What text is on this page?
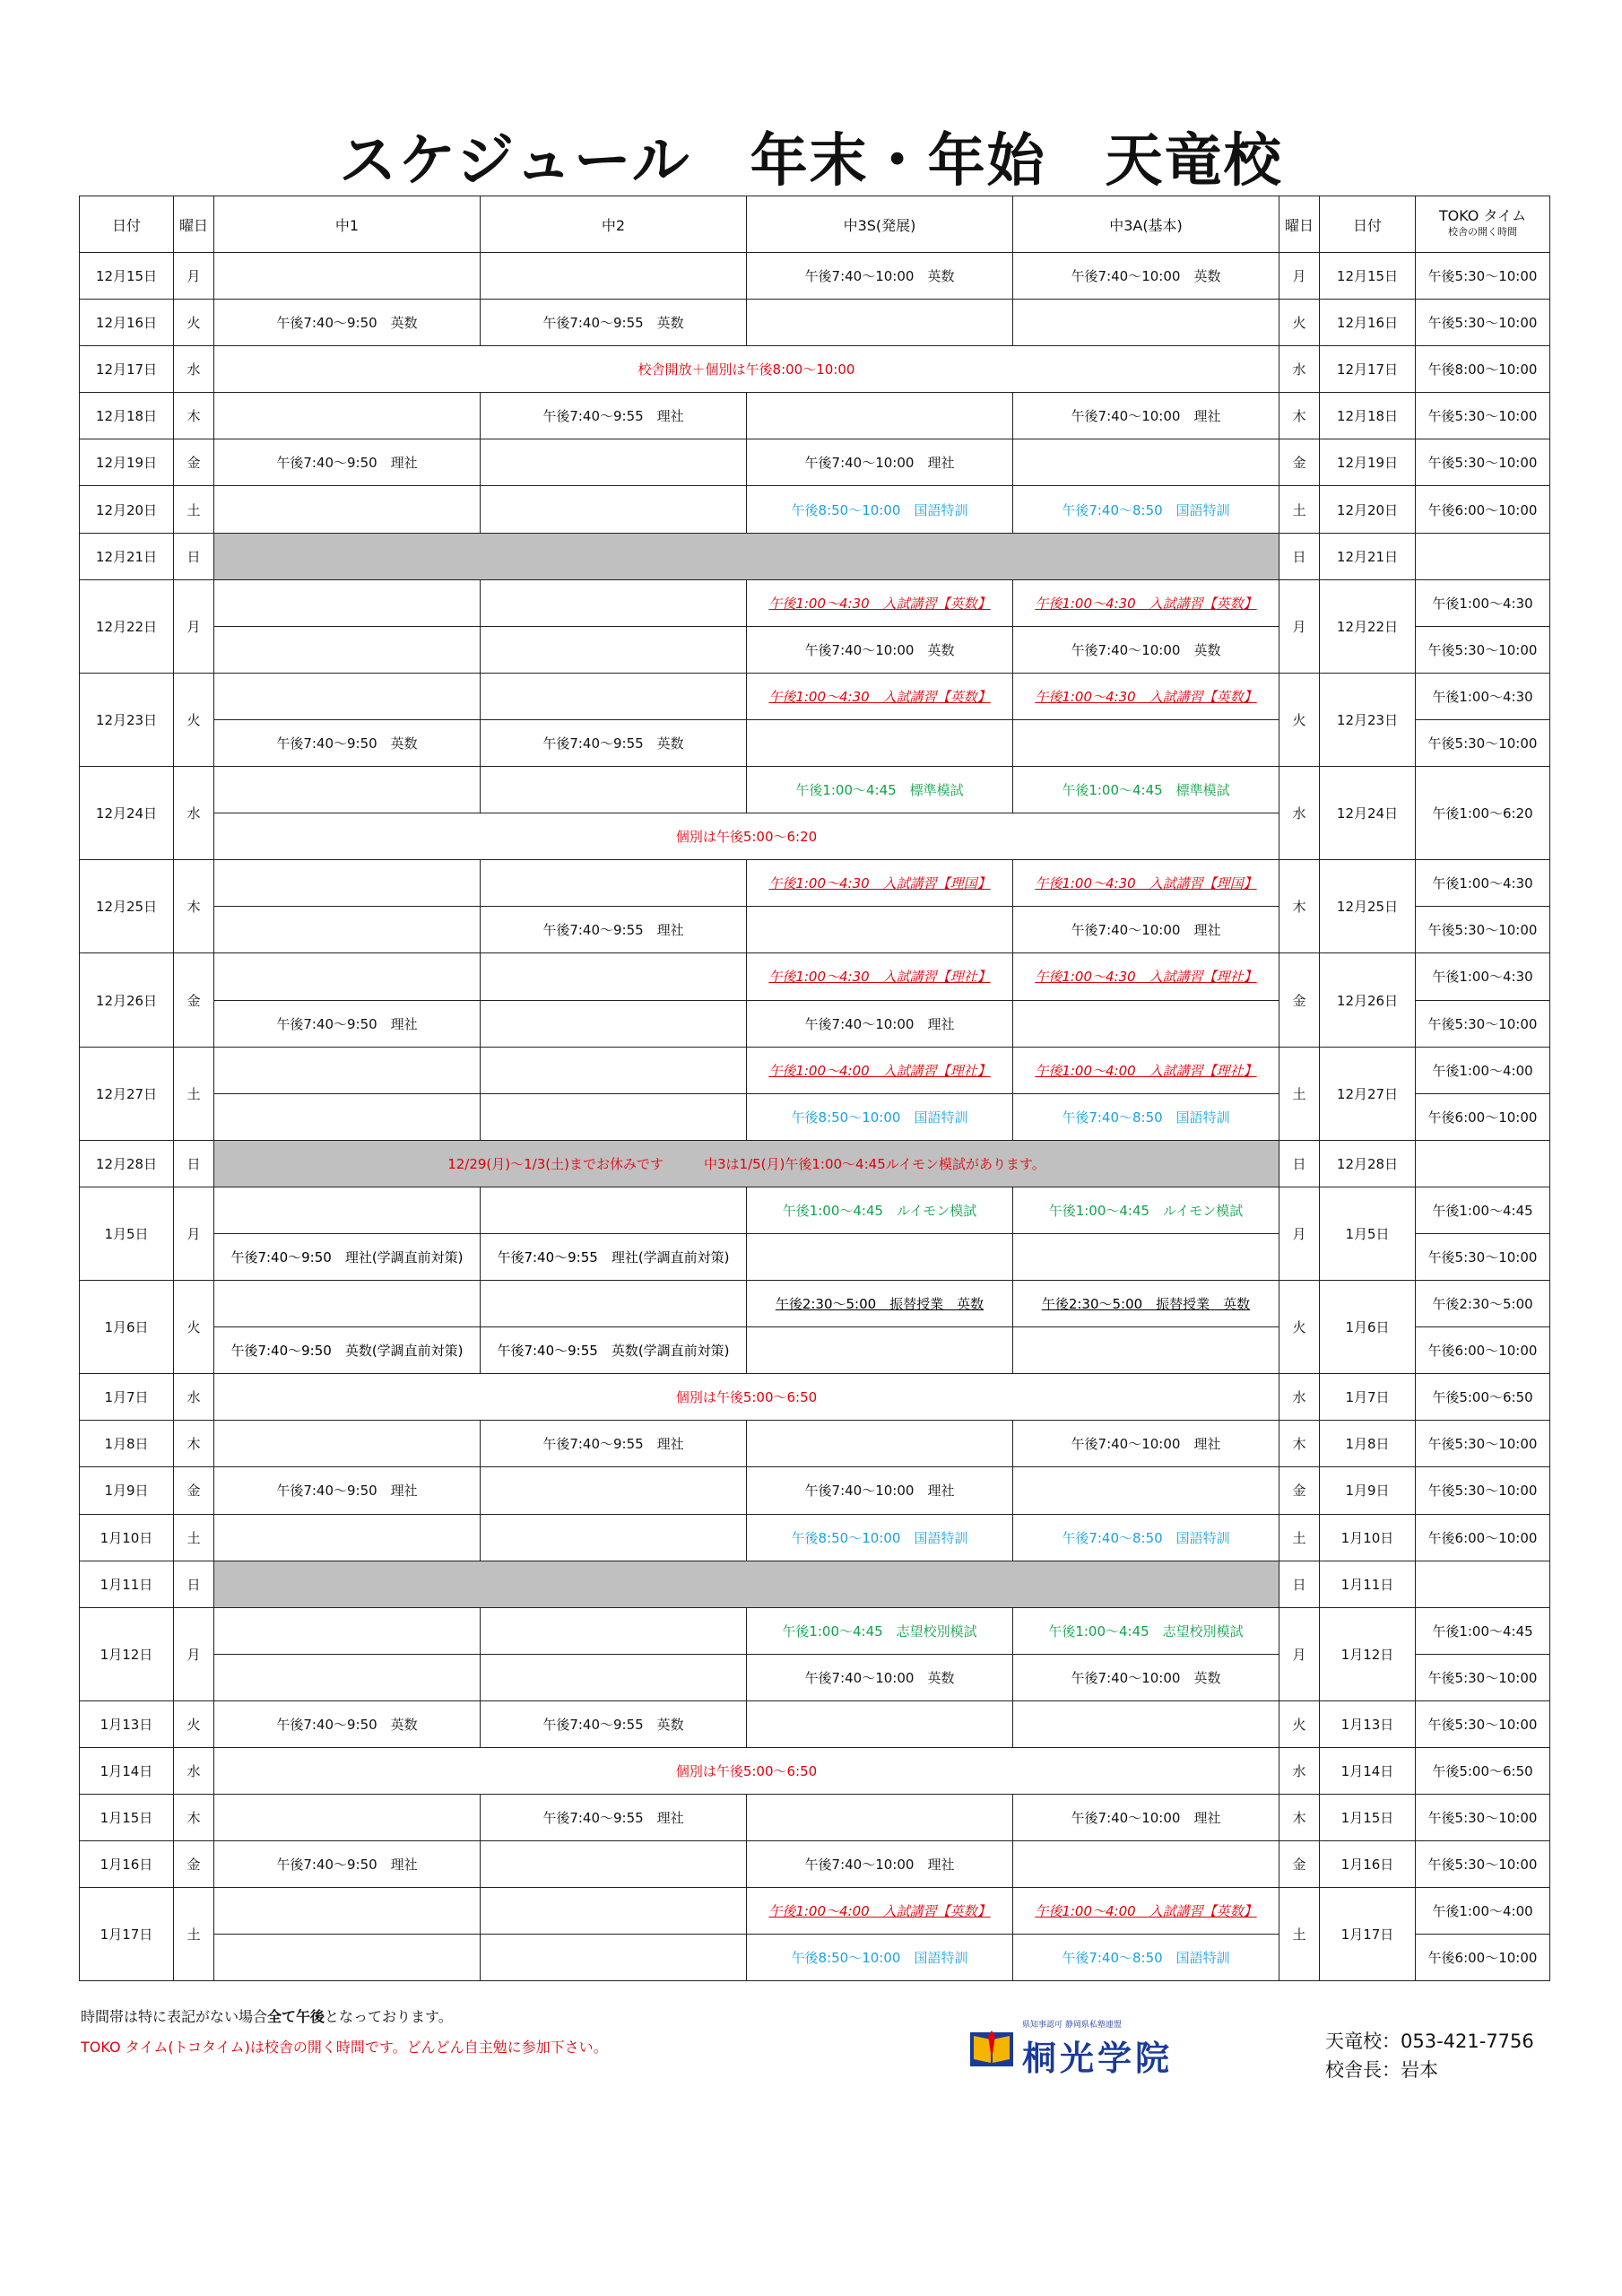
スケジュール　年末・年始　天竜校
日付	曜日	中1	中2	中3S(発展)	中3A(基本)	曜日	日付	TOKO タイム
校舎の開く時間

12月15日	月			午後7:40～10:00　英数	午後7:40～10:00　英数	月	12月15日	午後5:30～10:00
12月16日	火	午後7:40～9:50　英数	午後7:40～9:55　英数			火	12月16日	午後5:30～10:00
12月17日	水	校舎開放＋個別は午後8:00～10:00				水	12月17日	午後8:00～10:00
12月18日	木		午後7:40～9:55　理社		午後7:40～10:00　理社	木	12月18日	午後5:30～10:00
12月19日	金	午後7:40～9:50　理社		午後7:40～10:00　理社		金	12月19日	午後5:30～10:00
12月20日	土			午後8:50～10:00　国語特訓	午後7:40～8:50　国語特訓	土	12月20日	午後6:00～10:00
12月21日	日					日	12月21日	
12月22日	月			午後1:00～4:30　入試講習【英数】	午後1:00～4:30　入試講習【英数】	月	12月22日	午後1:00～4:30
				午後7:40～10:00　英数	午後7:40～10:00　英数			午後5:30～10:00
12月23日	火			午後1:00～4:30　入試講習【英数】	午後1:00～4:30　入試講習【英数】	火	12月23日	午後1:00～4:30
		午後7:40～9:50　英数	午後7:40～9:55　英数					午後5:30～10:00
12月24日	水			午後1:00～4:45　標準模試	午後1:00～4:45　標準模試	水	12月24日	午後1:00～6:20
		個別は午後5:00～6:20						
12月25日	木			午後1:00～4:30　入試講習【理国】	午後1:00～4:30　入試講習【理国】	木	12月25日	午後1:00～4:30
			午後7:40～9:55　理社		午後7:40～10:00　理社			午後5:30～10:00
12月26日	金			午後1:00～4:30　入試講習【理社】	午後1:00～4:30　入試講習【理社】	金	12月26日	午後1:00～4:30
		午後7:40～9:50　理社		午後7:40～10:00　理社				午後5:30～10:00
12月27日	土			午後1:00～4:00　入試講習【理社】	午後1:00～4:00　入試講習【理社】	土	12月27日	午後1:00～4:00
				午後8:50～10:00　国語特訓	午後7:40～8:50　国語特訓			午後6:00～10:00
12月28日	日	12/29(月)～1/3(土)までお休みです　　　中3は1/5(月)午後1:00～4:45ルイモン模試があります。				日	12月28日	
1月5日	月			午後1:00～4:45　ルイモン模試	午後1:00～4:45　ルイモン模試	月	1月5日	午後1:00～4:45
		午後7:40～9:50　理社(学調直前対策)	午後7:40～9:55　理社(学調直前対策)					午後5:30～10:00
1月6日	火			午後2:30～5:00　振替授業　英数	午後2:30～5:00　振替授業　英数	火	1月6日	午後2:30～5:00
		午後7:40～9:50　英数(学調直前対策)	午後7:40～9:55　英数(学調直前対策)					午後6:00～10:00
1月7日	水	個別は午後5:00～6:50				水	1月7日	午後5:00～6:50
1月8日	木		午後7:40～9:55　理社		午後7:40～10:00　理社	木	1月8日	午後5:30～10:00
1月9日	金	午後7:40～9:50　理社		午後7:40～10:00　理社		金	1月9日	午後5:30～10:00
1月10日	土			午後8:50～10:00　国語特訓	午後7:40～8:50　国語特訓	土	1月10日	午後6:00～10:00
1月11日	日					日	1月11日	
1月12日	月			午後1:00～4:45　志望校別模試	午後1:00～4:45　志望校別模試	月	1月12日	午後1:00～4:45
				午後7:40～10:00　英数	午後7:40～10:00　英数			午後5:30～10:00
1月13日	火	午後7:40～9:50　英数	午後7:40～9:55　英数			火	1月13日	午後5:30～10:00
1月14日	水	個別は午後5:00～6:50				水	1月14日	午後5:00～6:50
1月15日	木		午後7:40～9:55　理社		午後7:40～10:00　理社	木	1月15日	午後5:30～10:00
1月16日	金	午後7:40～9:50　理社		午後7:40～10:00　理社		金	1月16日	午後5:30～10:00
1月17日	土			午後1:00～4:00　入試講習【英数】	午後1:00～4:00　入試講習【英数】	土	1月17日	午後1:00～4:00
				午後8:50～10:00　国語特訓	午後7:40～8:50　国語特訓			午後6:00～10:00
時間帯は特に表記がない場合全て午後となっております。
TOKO タイム(トコタイム)は校舎の開く時間です。どんどん自主勉に参加下さい。
県知事認可 静岡県私塾連盟
桐光学院	天竜校：053-421-7756
校舎長：岩本
